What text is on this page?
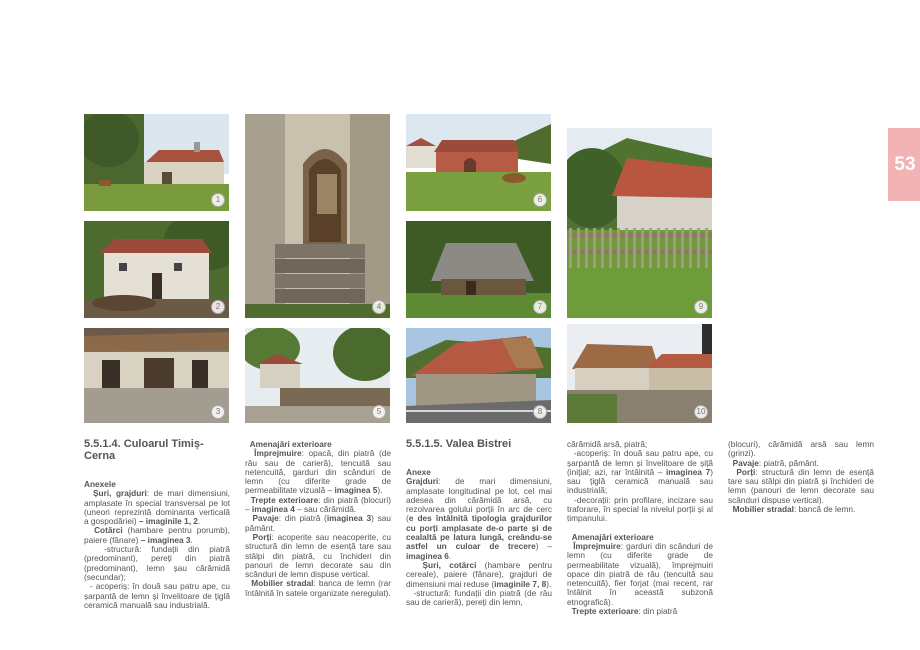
53
1
2
3
4
5
6
7
8
9
10

5.5.1.4. Culoarul Timiș-Cerna

Anexele

Șuri, grajduri: de mari dimensiuni, amplasate în special transversal pe lot (uneori reprezintă dominanta verticală a gospodăriei) – imaginile 1, 2.

Cotărci (hambare pentru porumb), paiere (fânare) – imaginea 3.

-structură: fundații din piatră (predominant), pereți din piatră (predominant), lemn șau cărămidă (secundar);

- acoperiș: în două sau patru ape, cu șarpantă de lemn și învelitoare de țiglă ceramică manuală sau industrială.

Amenajări exterioare

Împrejmuire: opacă, din piatră (de râu sau de carieră), tencuită sau netencuită, garduri din scânduri de lemn (cu diferite grade de permeabilitate vizuală – imaginea 5).

Trepte exterioare: din piatră (blocuri) – imaginea 4 – sau cărămidă.

Pavaje: din piatră (imaginea 3) sau pământ.

Porți: acoperite sau neacoperite, cu structură din lemn de esență tare sau stâlpi din piatră, cu închideri din panouri de lemn decorate sau din scânduri de lemn dispuse vertical.

Mobilier stradal: banca de lemn (rar întâlnită în satele organizate neregulat).

5.5.1.5. Valea Bistrei

Anexe

Grajduri: de mari dimensiuni, amplasate longitudinal pe lot, cel mai adesea din cărămidă arsă, cu rezolvarea golului porții în arc de cerc (e des întâlnită tipologia grajdurilor cu porți amplasate de-o parte și de cealaltă pe latura lungă, creându-se astfel un culoar de trecere) – imaginea 6.

Șuri, cotărci (hambare pentru cereale), paiere (fânare), grajduri de dimensiuni mai reduse (imaginile 7, 8).

-structură: fundații din piatră (de râu sau de carieră), pereți din lemn,

cărămidă arsă, piatră;

-acoperiș: în două sau patru ape, cu șarpantă de lemn și învelitoare de șiță (inițial; azi, rar întâlnită – imaginea 7) sau țiglă ceramică manuală sau industrială;

-decorații: prin profilare, incizare sau traforare, în special la nivelul porții și al timpanului.

Amenajări exterioare

Împrejmuire: garduri din scânduri de lemn (cu diferite grade de permeabilitate vizuală), împrejmuiri opace din piatră de râu (tencuită sau netencuită), fier forjat (mai recent, rar întâlnit în această subzonă etnografică).

Trepte exterioare: din piatră

(blocuri), cărămidă arsă sau lemn (grinzi).

Pavaje: piatră, pământ.

Porți: structură din lemn de esență tare sau stâlpi din piatră și închideri de lemn (panouri de lemn decorate sau scânduri dispuse vertical).

Mobilier stradal: bancă de lemn.
